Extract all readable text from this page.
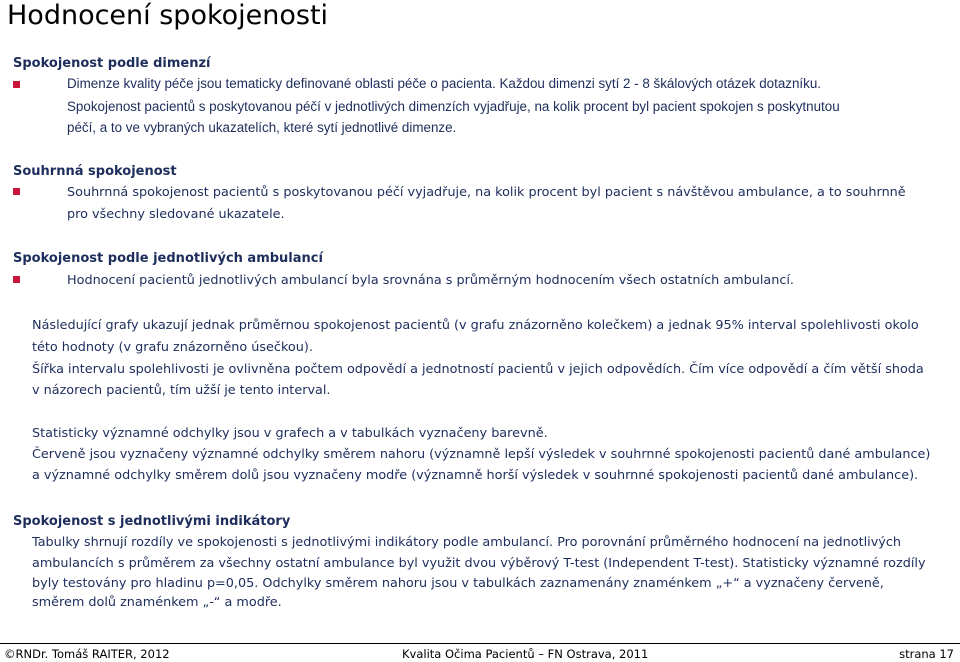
Hodnocení spokojenosti
Spokojenost podle dimenzí
Dimenze kvality péče jsou tematicky definované oblasti péče o pacienta. Každou dimenzi sytí 2 - 8 škálových otázek dotazníku.
Spokojenost pacientů s poskytovanou péčí v jednotlivých dimenzích vyjadřuje, na kolik procent byl pacient spokojen s poskytnutou
péčí, a to ve vybraných ukazatelích, které sytí jednotlivé dimenze.
Souhrnná spokojenost
Souhrnná spokojenost pacientů s poskytovanou péčí vyjadřuje, na kolik procent byl pacient s návštěvou ambulance, a to souhrnně
pro všechny sledované ukazatele.
Spokojenost podle jednotlivých ambulancí
Hodnocení pacientů jednotlivých ambulancí byla srovnána s průměrným hodnocením všech ostatních ambulancí.
Následující grafy ukazují jednak průměrnou spokojenost pacientů (v grafu znázorněno kolečkem) a jednak 95% interval spolehlivosti okolo
této hodnoty (v grafu znázorněno úsečkou).
Šířka intervalu spolehlivosti je ovlivněna počtem odpovědí a jednotností pacientů v jejich odpovědích. Čím více odpovědí a čím větší shoda
v názorech pacientů, tím užší je tento interval.
Statisticky významné odchylky jsou v grafech a v tabulkách vyznačeny barevně.
Červeně jsou vyznačeny významné odchylky směrem nahoru (významně lepší výsledek v souhrnné spokojenosti pacientů dané ambulance)
a významné odchylky směrem dolů jsou vyznačeny modře (významně horší výsledek v souhrnné spokojenosti pacientů dané ambulance).
Spokojenost s jednotlivými indikátory
Tabulky shrnují rozdíly ve spokojenosti s jednotlivými indikátory podle ambulancí. Pro porovnání průměrného hodnocení na jednotlivých
ambulancích s průměrem za všechny ostatní ambulance byl využit dvou výběrový T-test (Independent T-test). Statisticky významné rozdíly
byly testovány pro hladinu p=0,05. Odchylky směrem nahoru jsou v tabulkách zaznamenány znaménkem „+“ a vyznačeny červeně,
směrem dolů znaménkem „-“ a modře.
©RNDr. Tomáš RAITER, 2012	Kvalita Očima Pacientů – FN Ostrava, 2011	strana 17
